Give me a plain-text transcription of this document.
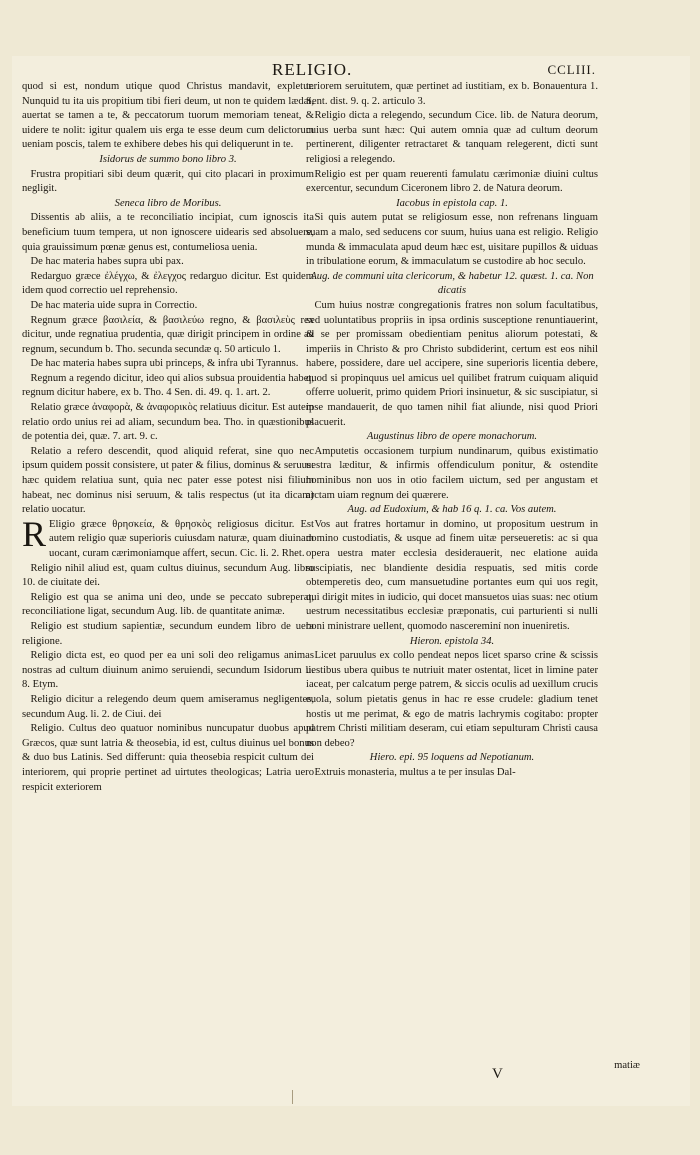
RELIGIO.	CCLIII.

quod si est, nondum utique quod Christus mandavit, expletur. Nunquid tu ita uis propitium tibi fieri deum, ut non te quidem lædat, auertat se tamen a te, & peccatorum tuorum memoriam teneat, & uidere te nolit: igitur qualem uis erga te esse deum cum delictorum ueniam poscis, talem te exhibere debes his qui deliquerunt in te.

Isidorus de summo bono libro 3.

Frustra propitiari sibi deum quærit, qui cito placari in proximum negligit.

Seneca libro de Moribus.

Dissentis ab aliis, a te reconciliatio incipiat, cum ignoscis ita beneficium tuum tempera, ut non ignoscere uidearis sed absoluere, quia grauissimum pœnæ genus est, contumeliosa uenia.

De hac materia habes supra ubi pax.

Redarguo græce ἐλέγχω, & ἐλεγχος redarguo dicitur. Est quidem idem quod correctio uel reprehensio.

De hac materia uide supra in Correctio.

Regnum græce βασιλεία, & βασιλεύω regno, & βασιλεὺς rex dicitur, unde regnatiua prudentia, quæ dirigit principem in ordine ad regnum, secundum b. Tho. secunda secundæ q. 50 articulo 1.

De hac materia habes supra ubi princeps, & infra ubi Tyrannus.

Regnum a regendo dicitur, ideo qui alios subsua prouidentia habet, regnum dicitur habere, ex b. Tho. 4 Sen. di. 49. q. 1. art. 2.

Relatio græce ἀναφορὰ, & ἀναφορικὸς relatiuus dicitur. Est autem relatio ordo unius rei ad aliam, secundum bea. Tho. in quæstionibus de potentia dei, quæ. 7. art. 9. c.

Relatio a refero descendit, quod aliquid referat, sine quo nec ipsum quidem possit consistere, ut pater & filius, dominus & seruus: hæc quidem relatiua sunt, quia nec pater esse potest nisi filium habeat, nec dominus nisi seruum, & talis respectus (ut ita dicam) relatio uocatur.

R Eligio græce θρησκεία, & θρησκὸς religiosus dicitur. Est autem religio quæ superioris cuiusdam naturæ, quam diuinam uocant, curam cærimoniamque affert, secun. Cic. li. 2. Rhet.

Religio nihil aliud est, quam cultus diuinus, secundum Aug. libro 10. de ciuitate dei.

Religio est qua se anima uni deo, unde se peccato subreperat, reconciliatione ligat, secundum Aug. lib. de quantitate animæ.

Religio est studium sapientiæ, secundum eundem libro de uera religione.

Religio dicta est, eo quod per ea uni soli deo religamus animas nostras ad cultum diuinum animo seruiendi, secundum Isidorum li. 8. Etym.

Religio dicitur a relegendo deum quem amiseramus negligentes, secundum Aug. li. 2. de Ciui. dei

Religio. Cultus deo quatuor nominibus nuncupatur duobus apud Græcos, quæ sunt latria & theosebia, id est, cultus diuinus uel bonus & duo bus Latinis. Sed differunt: quia theosebia respicit cultum dei interiorem, qui proprie pertinet ad uirtutes theologicas; Latria uero respicit exteriorem

teriorem seruitutem, quæ pertinet ad iustitiam, ex b. Bonauentura 1. Sent. dist. 9. q. 2. articulo 3.

Religio dicta a relegendo, secundum Cice. lib. de Natura deorum, cuius uerba sunt hæc: Qui autem omnia quæ ad cultum deorum pertinerent, diligenter retractaret & tanquam relegerent, dicti sunt religiosi a relegendo.

Religio est per quam reuerenti famulatu cærimoniæ diuini cultus exercentur, secundum Ciceronem libro 2. de Natura deorum.

Iacobus in epistola cap. 1.

Si quis autem putat se religiosum esse, non refrenans linguam suam a malo, sed seducens cor suum, huius uana est religio. Religio munda & immaculata apud deum hæc est, uisitare pupillos & uiduas in tribulatione eorum, & immaculatum se custodire ab hoc seculo.

Aug. de communi uita clericorum, & habetur 12. quæst. 1. ca. Non dicatis

Cum huius nostræ congregationis fratres non solum facultatibus, sed uoluntatibus propriis in ipsa ordinis susceptione renuntiauerint, & se per promissam obedientiam penitus aliorum potestati, & imperiis in Christo & pro Christo subdiderint, certum est eos nihil habere, possidere, dare uel accipere, sine superioris licentia debere, quod si propinquus uel amicus uel quilibet fratrum cuiquam aliquid offerre uoluerit, primo quidem Priori insinuetur, & sic suscipiatur, si ipse mandauerit, de quo tamen nihil fiat aliunde, nisi quod Priori placuerit.

Augustinus libro de opere monachorum.

Amputetis occasionem turpium nundinarum, quibus existimatio uestra læditur, & infirmis offendiculum ponitur, & ostendite hominibus non uos in otio facilem uictum, sed per angustam et arctam uiam regnum dei quærere.

Aug. ad Eudoxium, & hab 16 q. 1. ca. Vos autem.

Vos aut fratres hortamur in domino, ut propositum uestrum in domino custodiatis, & usque ad finem uitæ perseueretis: ac si qua opera uestra mater ecclesia desiderauerit, nec elatione auida suscipiatis, nec blandiente desidia respuatis, sed mitis corde obtemperetis deo, cum mansuetudine portantes eum qui uos regit, qui dirigit mites in iudicio, qui docet mansuetos uias suas: nec otium uestrum necessitatibus ecclesiæ præponatis, cui parturienti si nulli boni ministrare uellent, quomodo nascereminí non inueniretis.

Hieron. epistola 34.

Licet paruulus ex collo pendeat nepos licet sparso crine & scissis uestibus ubera quibus te nutriuit mater ostentat, licet in limine pater iaceat, per calcatum perge patrem, & siccis oculis ad uexillum crucis euola, solum pietatis genus in hac re esse crudele: gladium tenet hostis ut me perimat, & ego de matris lachrymis cogitabo: propter patrem Christi militiam deseram, cui etiam sepulturam Christi causa non debeo?

Hiero. epi. 95 loquens ad Nepotianum.

Extruis monasteria, multus a te per insulas Dal-

V
matiæ
